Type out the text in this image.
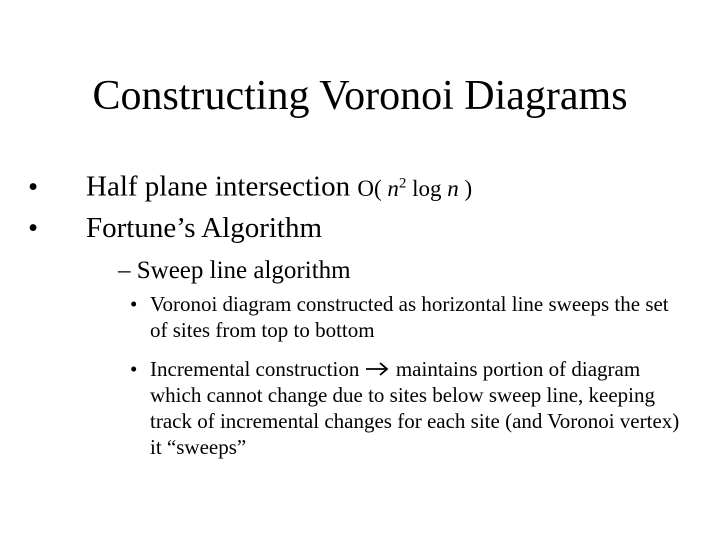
Constructing Voronoi Diagrams
• Half plane intersection O( $n^2$ log n )
• Fortune’s Algorithm
– Sweep line algorithm
• Voronoi diagram constructed as horizontal line sweeps the set of sites from top to bottom
• Incremental construction maintains portion of diagram which cannot change due to sites below sweep line, keeping track of incremental changes for each site (and Voronoi vertex) it “sweeps”
